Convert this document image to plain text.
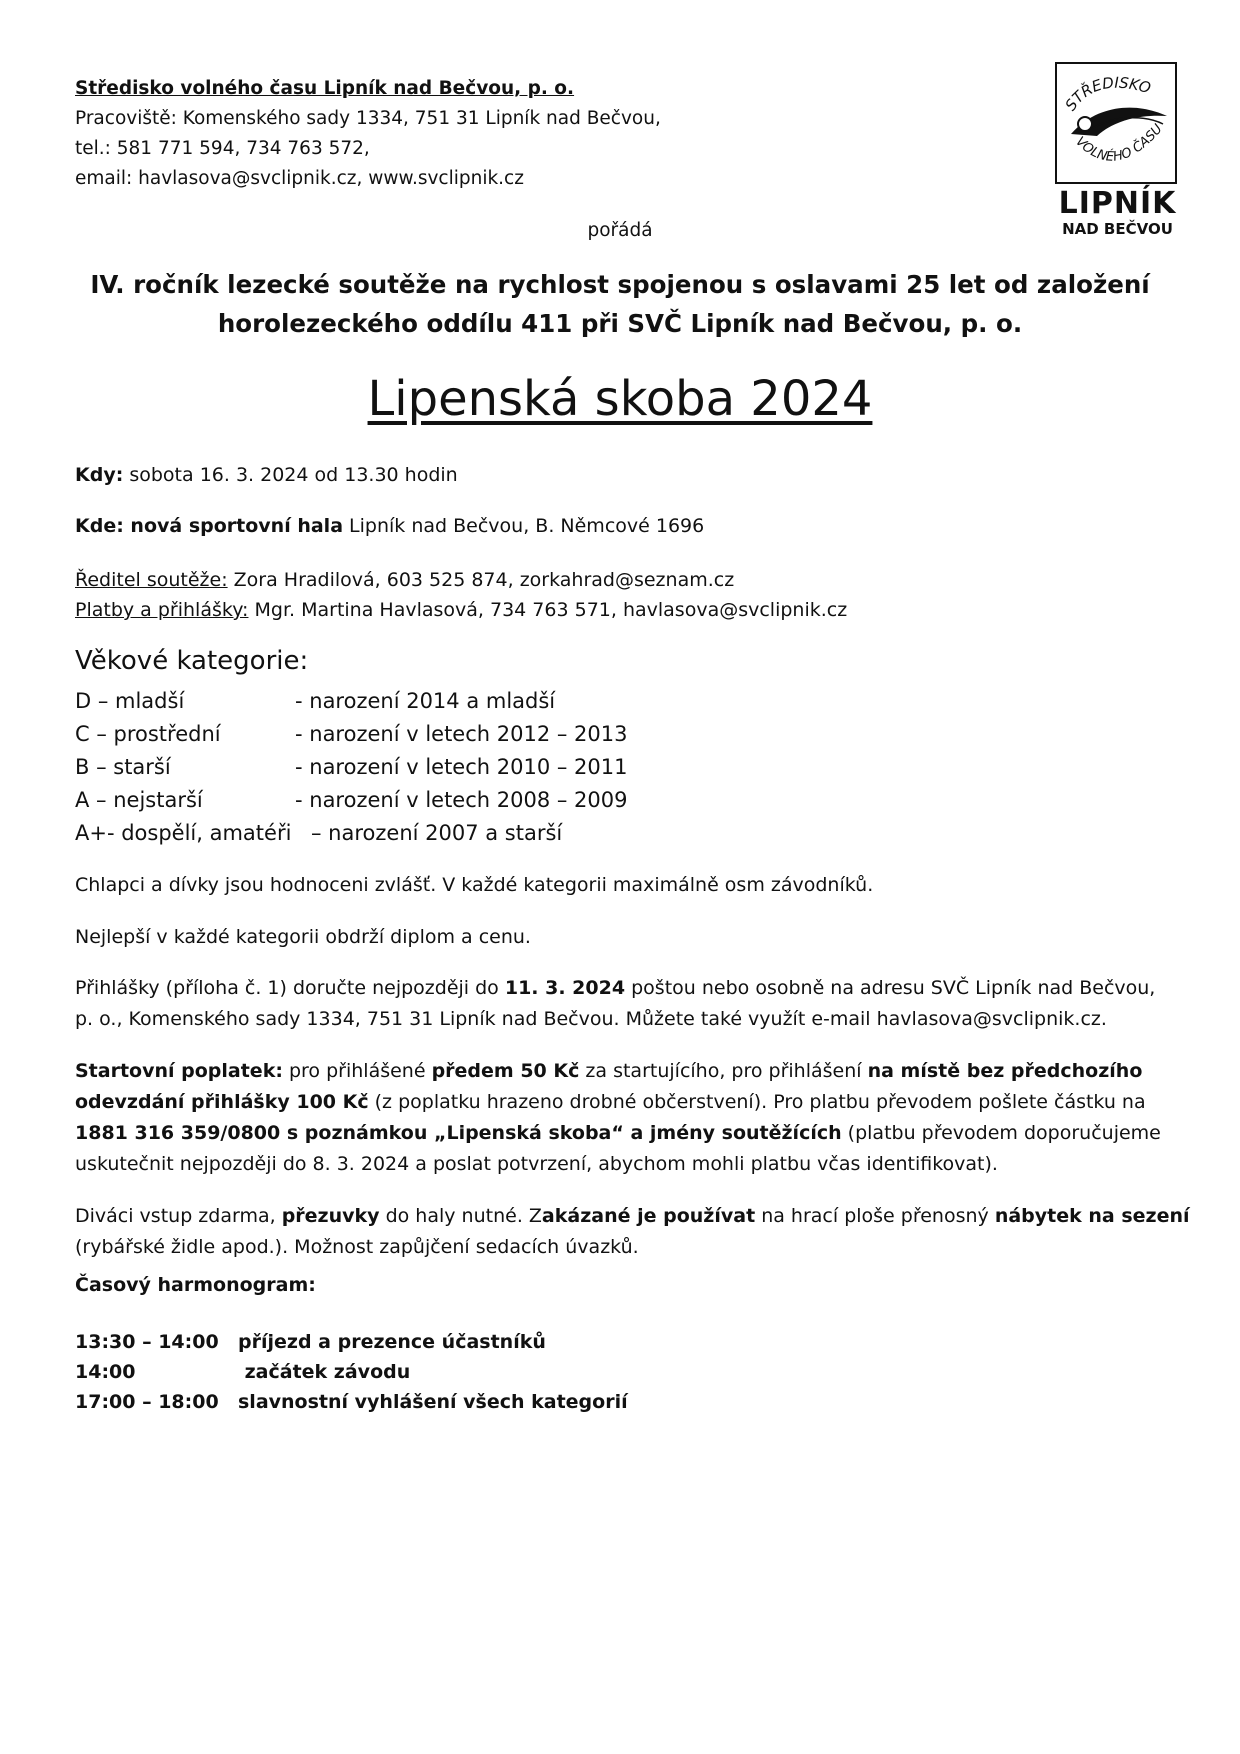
Středisko volného času Lipník nad Bečvou, p. o.
Pracoviště: Komenského sady 1334, 751 31 Lipník nad Bečvou,
tel.: 581 771 594, 734 763 572,
email: havlasova@svclipnik.cz, www.svclipnik.cz
pořádá
STŘEDISKO
VOLNÉHO ČASU
LIPNÍK
NAD BEČVOU
IV. ročník lezecké soutěže na rychlost spojenou s oslavami 25 let od založení
horolezeckého oddílu 411 při SVČ Lipník nad Bečvou, p. o.
Lipenská skoba 2024
Kdy: sobota 16. 3. 2024 od 13.30 hodin
Kde: nová sportovní hala Lipník nad Bečvou, B. Němcové 1696
Ředitel soutěže: Zora Hradilová, 603 525 874, zorkahrad@seznam.cz
Platby a přihlášky: Mgr. Martina Havlasová, 734 763 571, havlasova@svclipnik.cz
Věkové kategorie:
D – mladší	- narození 2014 a mladší
C – prostřední	- narození v letech 2012 – 2013
B – starší	- narození v letech 2010 – 2011
A – nejstarší	- narození v letech 2008 – 2009
A+- dospělí, amatéři – narození 2007 a starší
Chlapci a dívky jsou hodnoceni zvlášť. V každé kategorii maximálně osm závodníků.
Nejlepší v každé kategorii obdrží diplom a cenu.
Přihlášky (příloha č. 1) doručte nejpozději do 11. 3. 2024 poštou nebo osobně na adresu SVČ Lipník nad Bečvou,
p. o., Komenského sady 1334, 751 31 Lipník nad Bečvou. Můžete také využít e-mail havlasova@svclipnik.cz.
Startovní poplatek: pro přihlášené předem 50 Kč za startujícího, pro přihlášení na místě bez předchozího
odevzdání přihlášky 100 Kč (z poplatku hrazeno drobné občerstvení). Pro platbu převodem pošlete částku na
1881 316 359/0800 s poznámkou „Lipenská skoba“ a jmény soutěžících (platbu převodem doporučujeme
uskutečnit nejpozději do 8. 3. 2024 a poslat potvrzení, abychom mohli platbu včas identifikovat).
Diváci vstup zdarma, přezuvky do haly nutné. Zakázané je používat na hrací ploše přenosný nábytek na sezení
(rybářské židle apod.). Možnost zapůjčení sedacích úvazků.
Časový harmonogram:
13:30 – 14:00 příjezd a prezence účastníků
14:00	začátek závodu
17:00 – 18:00 slavnostní vyhlášení všech kategorií
